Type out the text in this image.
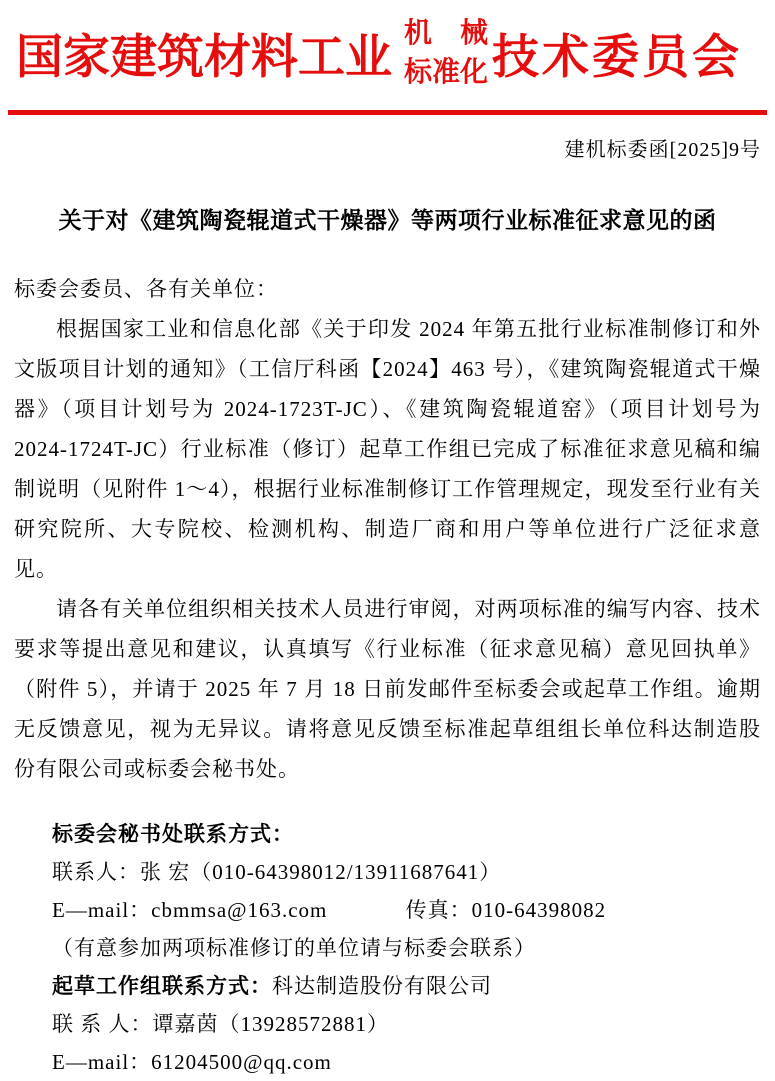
国家建筑材料工业 机　械
标准化 技术委员会
建机标委函[2025]9号
关于对《建筑陶瓷辊道式干燥器》等两项行业标准征求意见的函

标委会委员、各有关单位：

根据国家工业和信息化部《关于印发 2024 年第五批行业标准制修订和外文版项目计划的通知》（工信厅科函【2024】463 号），《建筑陶瓷辊道式干燥器》（项目计划号为 2024-1723T-JC）、《建筑陶瓷辊道窑》（项目计划号为 2024-1724T-JC）行业标准（修订）起草工作组已完成了标准征求意见稿和编制说明（见附件 1～4），根据行业标准制修订工作管理规定，现发至行业有关研究院所、大专院校、检测机构、制造厂商和用户等单位进行广泛征求意见。

请各有关单位组织相关技术人员进行审阅，对两项标准的编写内容、技术要求等提出意见和建议，认真填写《行业标准（征求意见稿）意见回执单》（附件 5），并请于 2025 年 7 月 18 日前发邮件至标委会或起草工作组。逾期无反馈意见，视为无异议。请将意见反馈至标准起草组组长单位科达制造股份有限公司或标委会秘书处。

标委会秘书处联系方式：
联系人：张 宏（010-64398012/13911687641）
E—mail：cbmmsa@163.com	传真：010-64398082
（有意参加两项标准修订的单位请与标委会联系）
起草工作组联系方式：科达制造股份有限公司
联 系 人：谭嘉茵（13928572881）
E—mail：61204500@qq.com
